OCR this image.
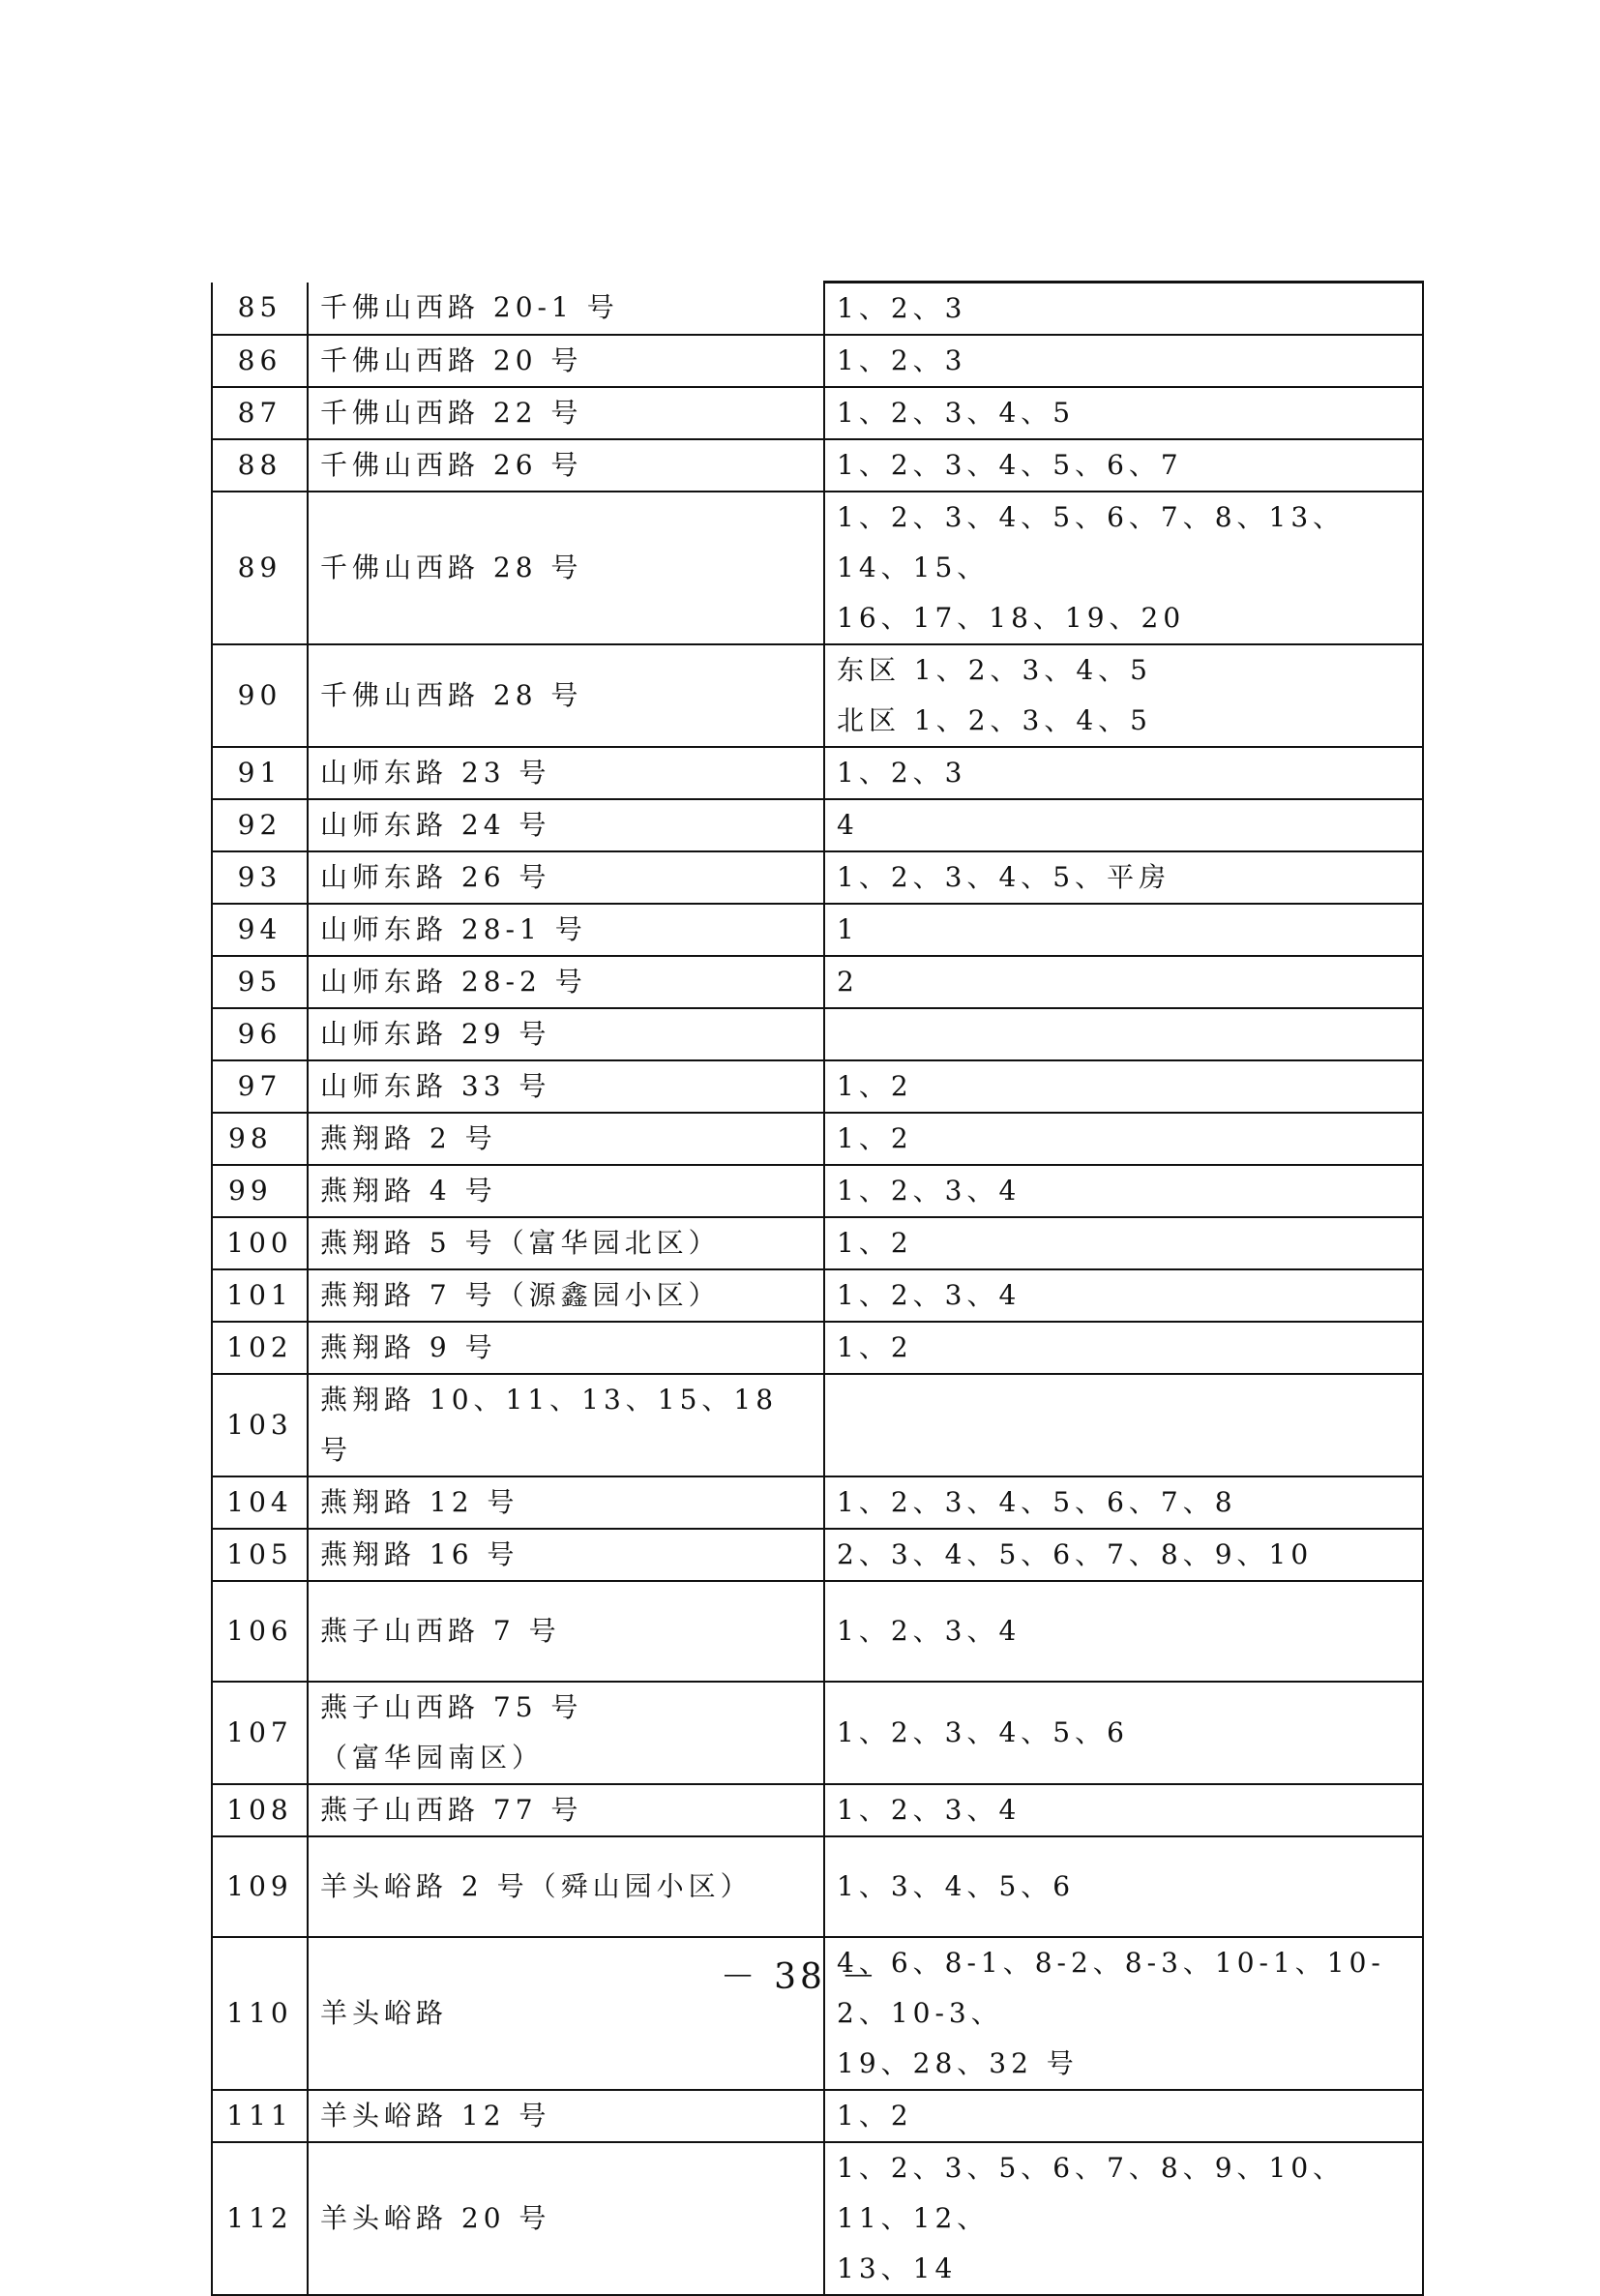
85	千佛山西路 20-1 号	1、2、3
86	千佛山西路 20 号	1、2、3
87	千佛山西路 22 号	1、2、3、4、5
88	千佛山西路 26 号	1、2、3、4、5、6、7
89	千佛山西路 28 号	1、2、3、4、5、6、7、8、13、14、15、
16、17、18、19、20
90	千佛山西路 28 号	东区 1、2、3、4、5
北区 1、2、3、4、5
91	山师东路 23 号	1、2、3
92	山师东路 24 号	4
93	山师东路 26 号	1、2、3、4、5、平房
94	山师东路 28-1 号	1
95	山师东路 28-2 号	2
96	山师东路 29 号	
97	山师东路 33 号	1、2
98	燕翔路 2 号	1、2
99	燕翔路 4 号	1、2、3、4
100	燕翔路 5 号（富华园北区）	1、2
101	燕翔路 7 号（源鑫园小区）	1、2、3、4
102	燕翔路 9 号	1、2
103	燕翔路 10、11、13、15、18 号	
104	燕翔路 12 号	1、2、3、4、5、6、7、8
105	燕翔路 16 号	2、3、4、5、6、7、8、9、10
106	燕子山西路 7 号	1、2、3、4
107	燕子山西路 75 号
（富华园南区）	1、2、3、4、5、6
108	燕子山西路 77 号	1、2、3、4
109	羊头峪路 2 号（舜山园小区）	1、3、4、5、6
110	羊头峪路	4、6、8-1、8-2、8-3、10-1、10-2、10-3、
19、28、32 号
111	羊头峪路 12 号	1、2
112	羊头峪路 20 号	1、2、3、5、6、7、8、9、10、11、12、
13、14
－ 38 －
